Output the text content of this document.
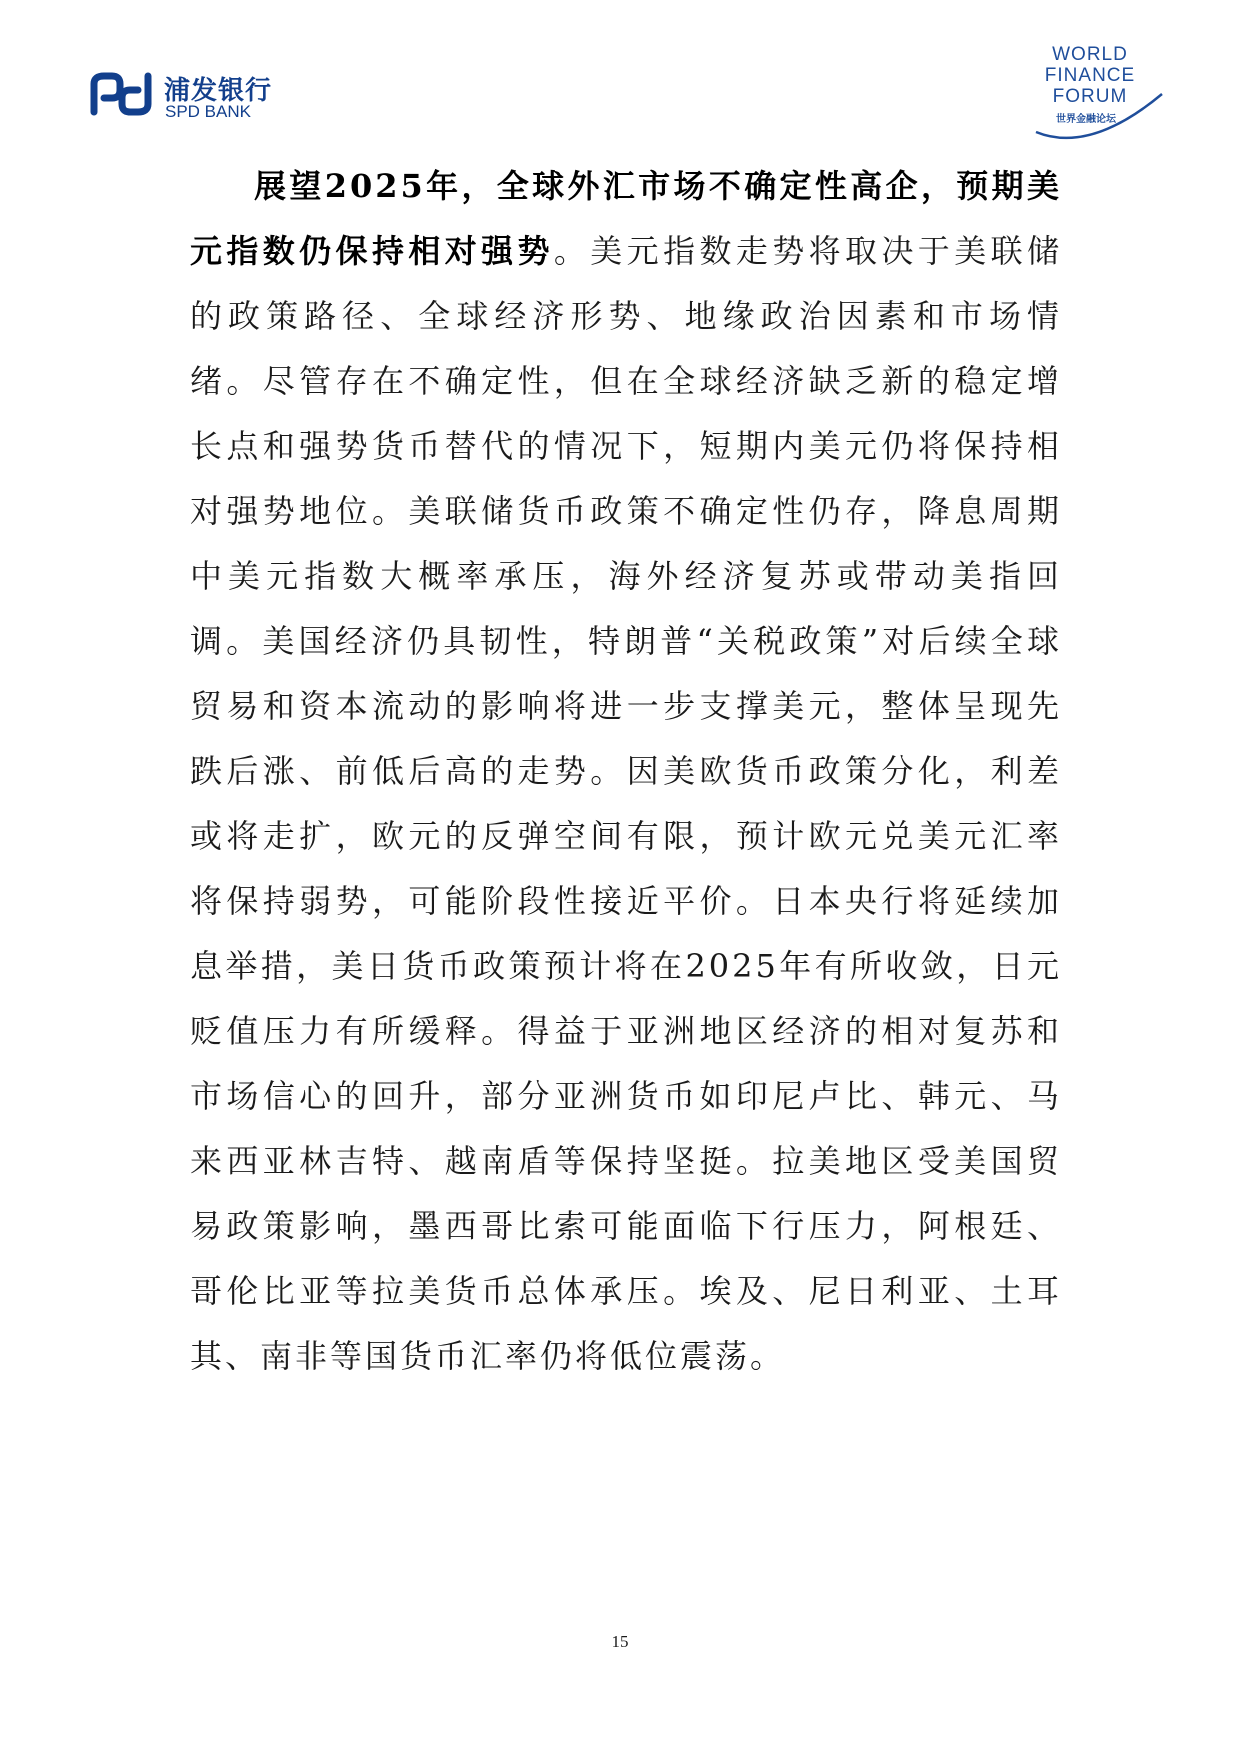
浦发银行
SPD BANK
WORLD
FINANCE
FORUM
世界金融论坛

展望2025年，全球外汇市场不确定性高企，预期美元指数仍保持相对强势。美元指数走势将取决于美联储的政策路径、全球经济形势、地缘政治因素和市场情绪。尽管存在不确定性，但在全球经济缺乏新的稳定增长点和强势货币替代的情况下，短期内美元仍将保持相对强势地位。美联储货币政策不确定性仍存，降息周期中美元指数大概率承压，海外经济复苏或带动美指回调。美国经济仍具韧性，特朗普“关税政策”对后续全球贸易和资本流动的影响将进一步支撑美元，整体呈现先跌后涨、前低后高的走势。因美欧货币政策分化，利差或将走扩，欧元的反弹空间有限，预计欧元兑美元汇率将保持弱势，可能阶段性接近平价。日本央行将延续加息举措，美日货币政策预计将在2025年有所收敛，日元贬值压力有所缓释。得益于亚洲地区经济的相对复苏和市场信心的回升，部分亚洲货币如印尼卢比、韩元、马来西亚林吉特、越南盾等保持坚挺。拉美地区受美国贸易政策影响，墨西哥比索可能面临下行压力，阿根廷、哥伦比亚等拉美货币总体承压。埃及、尼日利亚、土耳其、南非等国货币汇率仍将低位震荡。

15
